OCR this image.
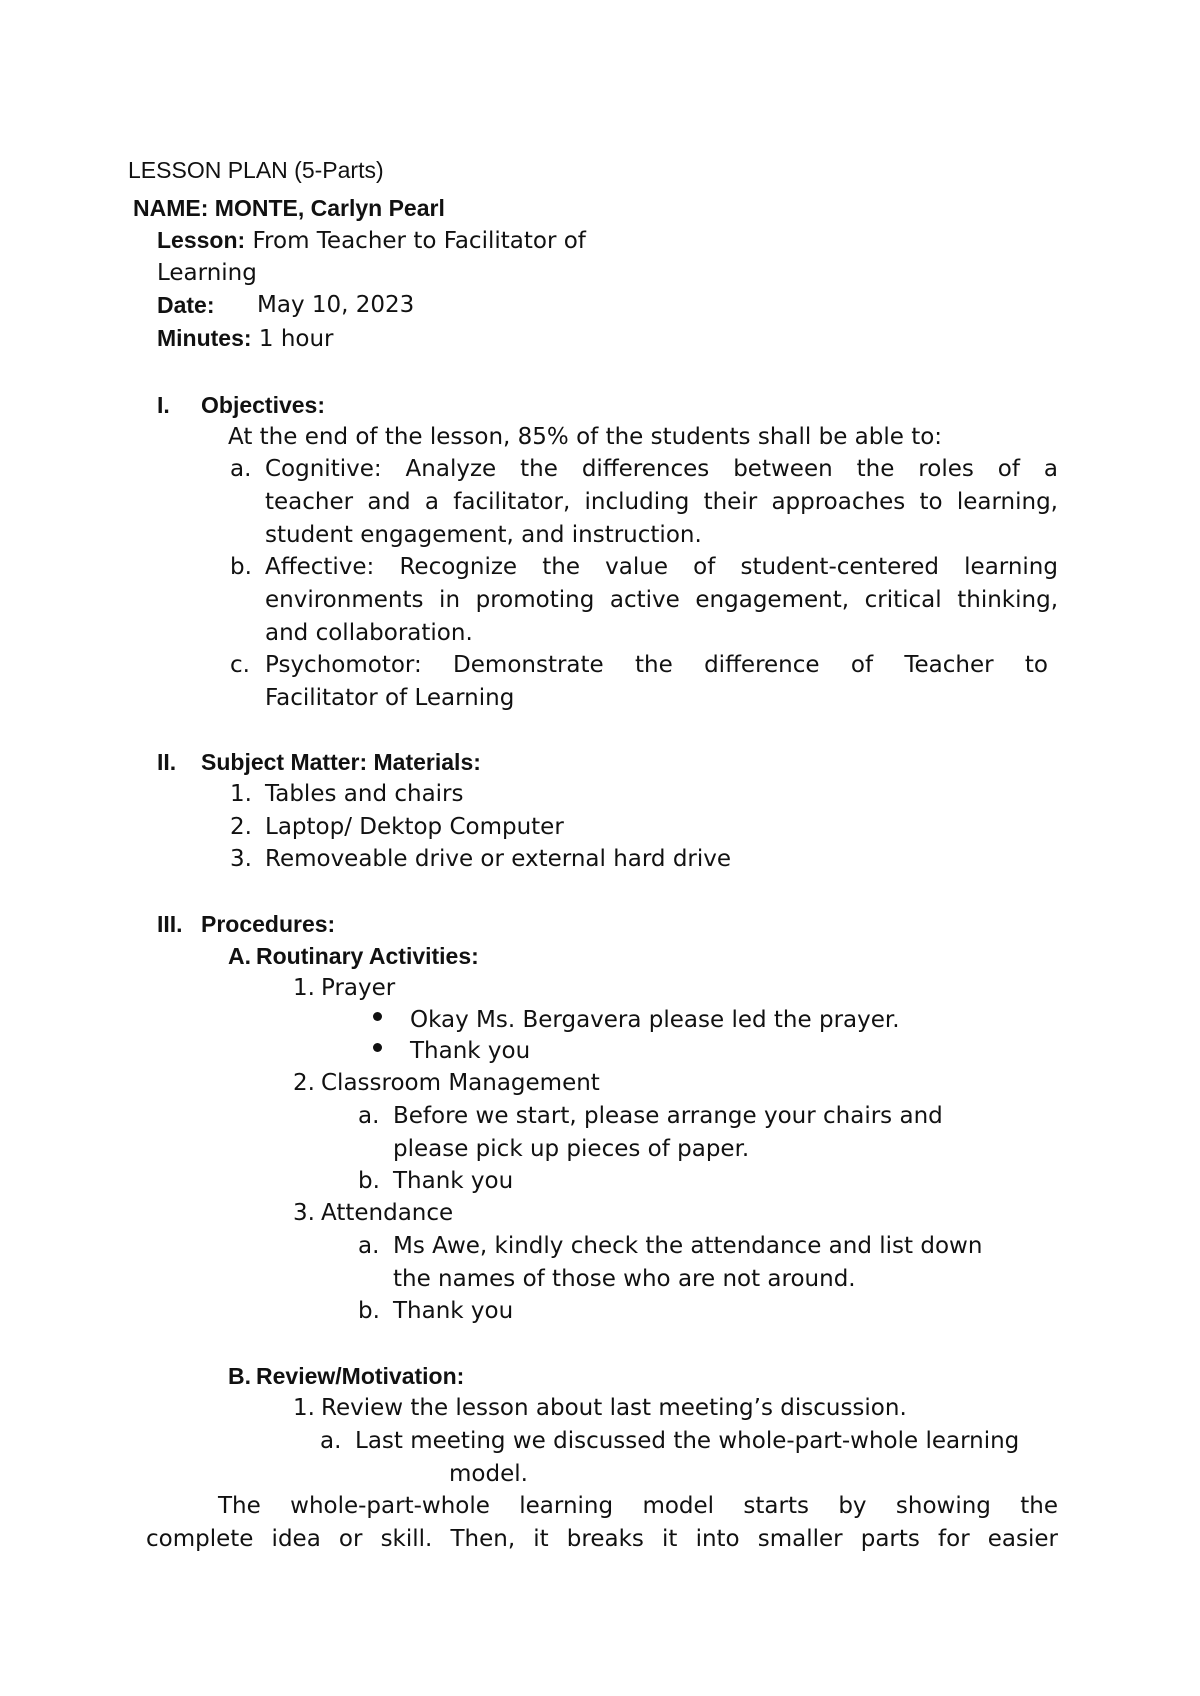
LESSON PLAN (5-Parts)
NAME: MONTE, Carlyn Pearl
Lesson: From Teacher to Facilitator of
Learning
Date: May 10, 2023
Minutes: 1 hour
I. Objectives:
At the end of the lesson, 85% of the students shall be able to:
a. Cognitive: Analyze the differences between the roles of a
teacher and a facilitator, including their approaches to learning,
student engagement, and instruction.
b. Affective: Recognize the value of student-centered learning
environments in promoting active engagement, critical thinking,
and collaboration.
c. Psychomotor: Demonstrate the difference of Teacher to
Facilitator of Learning
II. Subject Matter: Materials:
1. Tables and chairs
2. Laptop/ Dektop Computer
3. Removeable drive or external hard drive
III. Procedures:
A. Routinary Activities:
1. Prayer
Okay Ms. Bergavera please led the prayer.
Thank you
2. Classroom Management
a. Before we start, please arrange your chairs and
please pick up pieces of paper.
b. Thank you
3. Attendance
a. Ms Awe, kindly check the attendance and list down
the names of those who are not around.
b. Thank you
B. Review/Motivation:
1. Review the lesson about last meeting’s discussion.
a. Last meeting we discussed the whole-part-whole learning
model.
The whole-part-whole learning model starts by showing the
complete idea or skill. Then, it breaks it into smaller parts for easier
